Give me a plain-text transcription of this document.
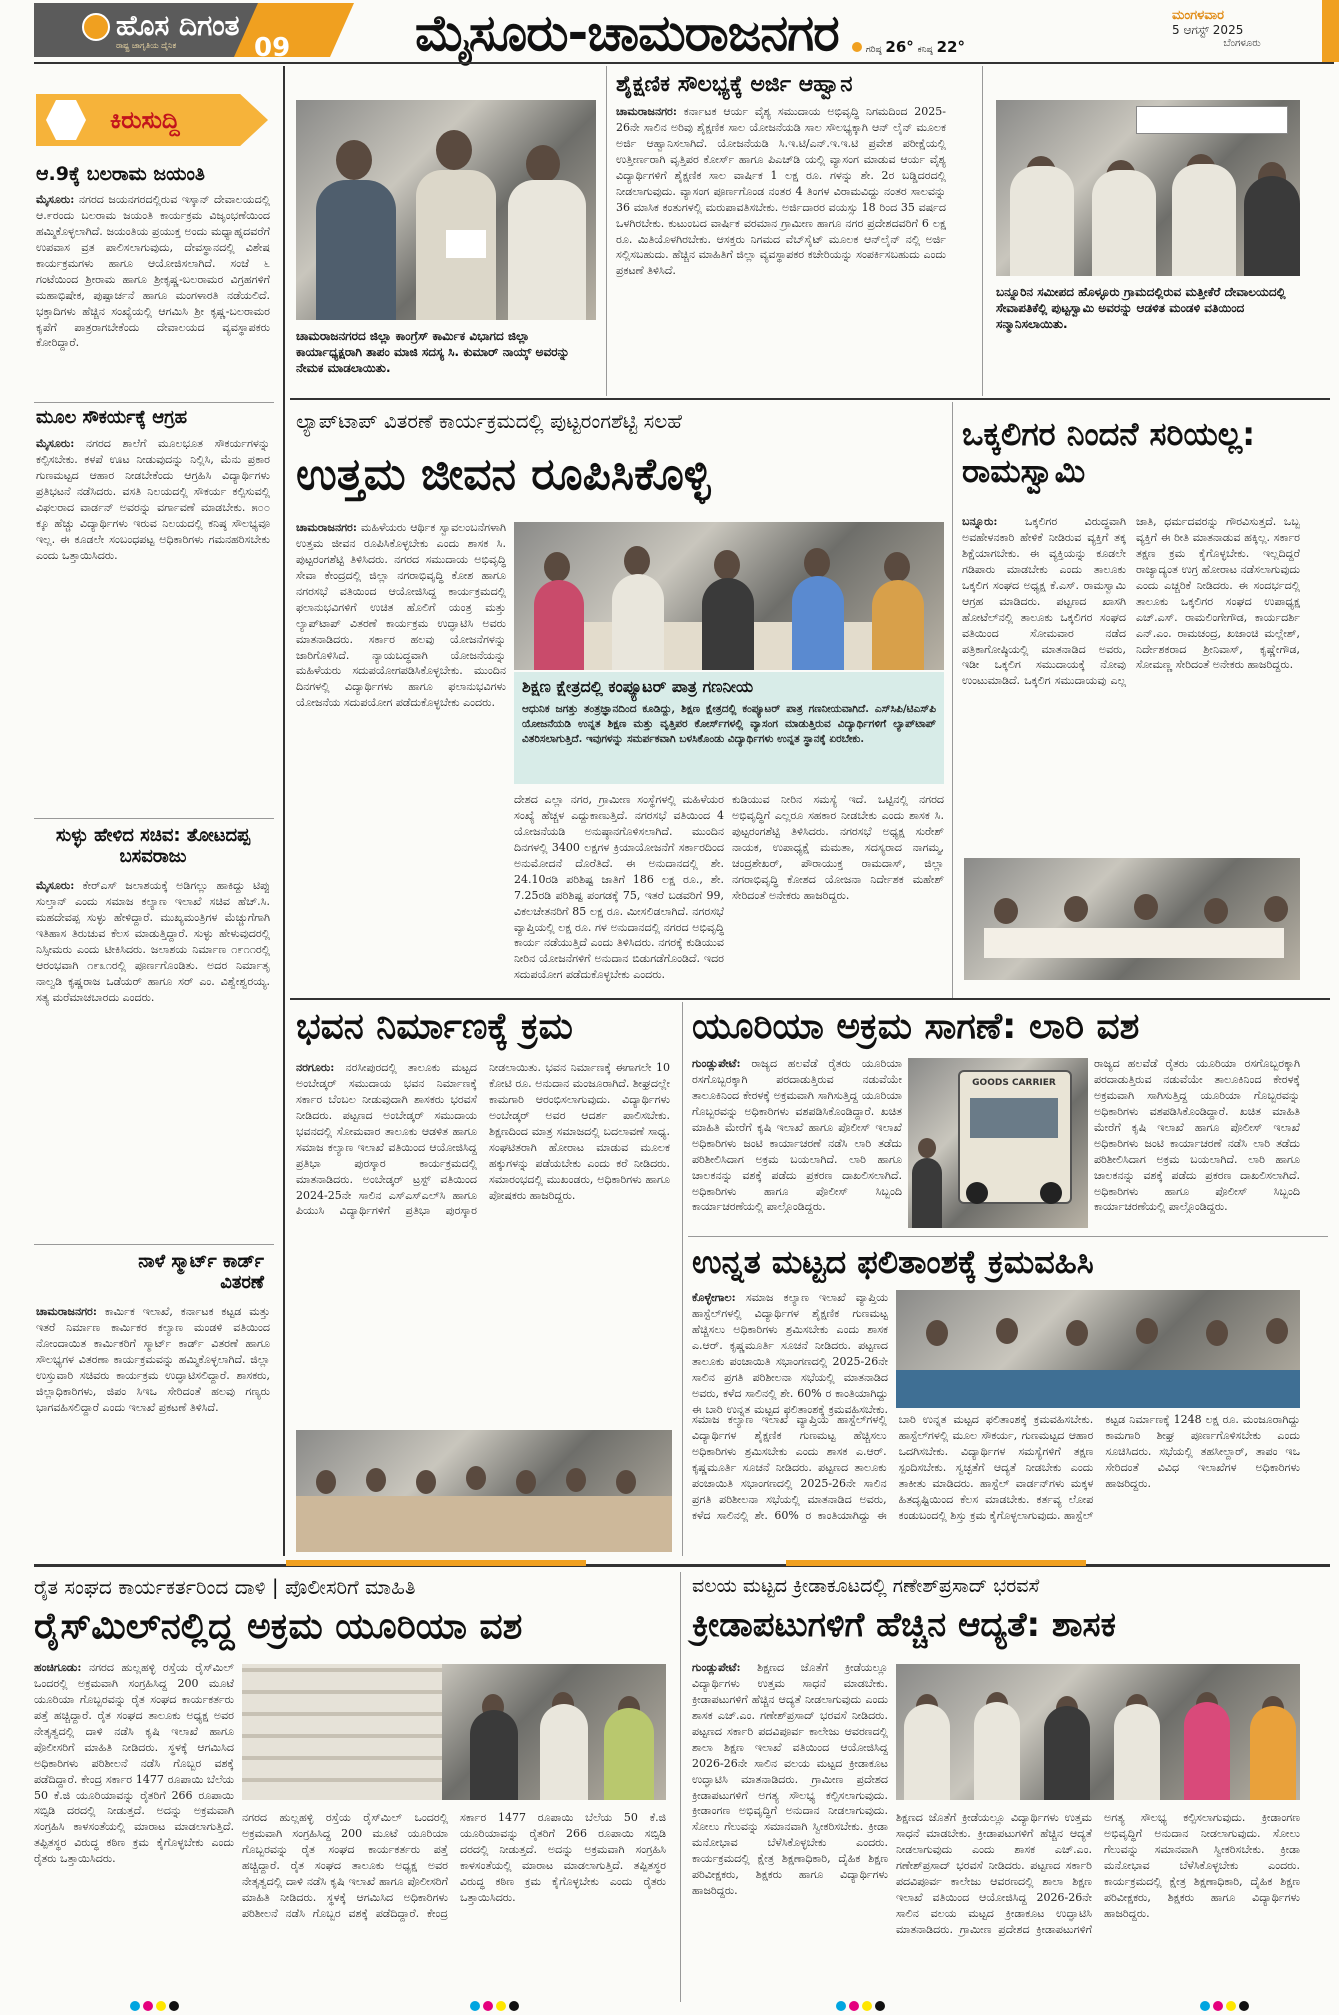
ಹೊಸ ದಿಗಂತ
ರಾಷ್ಟ್ರ ಜಾಗೃತಿಯ ದೈನಿಕ	09 ಮೈಸೂರು-ಚಾಮರಾಜನಗರ	ಗರಿಷ್ಠ 26° ಕನಿಷ್ಠ 22°
ಮಂಗಳವಾರ
5 ಆಗಸ್ಟ್ 2025
ಬೆಂಗಳೂರು
ಕಿರುಸುದ್ದಿ
ಆ.9ಕ್ಕೆ ಬಲರಾಮ ಜಯಂತಿ
ಮೈಸೂರು: ನಗರದ ಜಯನಗರದಲ್ಲಿರುವ ಇಸ್ಕಾನ್ ದೇವಾಲಯದಲ್ಲಿ ಆ.೯ರಂದು ಬಲರಾಮ ಜಯಂತಿ ಕಾರ್ಯಕ್ರಮ ವಿಜೃಂಭಣೆಯಿಂದ ಹಮ್ಮಿಕೊಳ್ಳಲಾಗಿದೆ. ಜಯಂತಿಯ ಪ್ರಯುಕ್ತ ಅಂದು ಮಧ್ಯಾಹ್ನದವರೆಗೆ ಉಪವಾಸ ವ್ರತ ಪಾಲಿಸಲಾಗುವುದು, ದೇವಸ್ಥಾನದಲ್ಲಿ ವಿಶೇಷ ಕಾರ್ಯಕ್ರಮಗಳು ಹಾಗೂ ಆಯೋಜಿಸಲಾಗಿದೆ. ಸಂಜೆ ೬ ಗಂಟೆಯಿಂದ ಶ್ರೀರಾಮ ಹಾಗೂ ಶ್ರೀಕೃಷ್ಣ-ಬಲರಾಮರ ವಿಗ್ರಹಗಳಿಗೆ ಮಹಾಭಿಷೇಕ, ಪುಷ್ಪಾರ್ಚನೆ ಹಾಗೂ ಮಂಗಳಾರತಿ ನಡೆಯಲಿದೆ. ಭಕ್ತಾದಿಗಳು ಹೆಚ್ಚಿನ ಸಂಖ್ಯೆಯಲ್ಲಿ ಆಗಮಿಸಿ ಶ್ರೀ ಕೃಷ್ಣ-ಬಲರಾಮರ ಕೃಪೆಗೆ ಪಾತ್ರರಾಗಬೇಕೆಂದು ದೇವಾಲಯದ ವ್ಯವಸ್ಥಾಪಕರು ಕೋರಿದ್ದಾರೆ.
ಮೂಲ ಸೌಕರ್ಯಕ್ಕೆ ಆಗ್ರಹ
ಮೈಸೂರು: ನಗರದ ಶಾಲೆಗೆ ಮೂಲಭೂತ ಸೌಕರ್ಯಗಳನ್ನು ಕಲ್ಪಿಸಬೇಕು. ಕಳಪೆ ಊಟ ನೀಡುವುದನ್ನು ನಿಲ್ಲಿಸಿ, ಮೆನು ಪ್ರಕಾರ ಗುಣಮಟ್ಟದ ಆಹಾರ ನೀಡಬೇಕೆಂದು ಆಗ್ರಹಿಸಿ ವಿದ್ಯಾರ್ಥಿಗಳು ಪ್ರತಿಭಟನೆ ನಡೆಸಿದರು. ವಸತಿ ನಿಲಯದಲ್ಲಿ ಸೌಕರ್ಯ ಕಲ್ಪಿಸುವಲ್ಲಿ ವಿಫಲರಾದ ವಾರ್ಡನ್ ಅವರನ್ನು ವರ್ಗಾವಣೆ ಮಾಡಬೇಕು. ೫೦೦ ಕ್ಕೂ ಹೆಚ್ಚು ವಿದ್ಯಾರ್ಥಿಗಳು ಇರುವ ನಿಲಯದಲ್ಲಿ ಕನಿಷ್ಠ ಸೌಲಭ್ಯವೂ ಇಲ್ಲ. ಈ ಕೂಡಲೇ ಸಂಬಂಧಪಟ್ಟ ಅಧಿಕಾರಿಗಳು ಗಮನಹರಿಸಬೇಕು ಎಂದು ಒತ್ತಾಯಿಸಿದರು.
ಸುಳ್ಳು ಹೇಳಿದ ಸಚಿವ: ತೋಟದಪ್ಪ ಬಸವರಾಜು
ಮೈಸೂರು: ಕೇರ್‌ಎಸ್ ಜಲಾಶಯಕ್ಕೆ ಅಡಿಗಲ್ಲು ಹಾಕಿದ್ದು ಟಿಪ್ಪು ಸುಲ್ತಾನ್ ಎಂದು ಸಮಾಜ ಕಲ್ಯಾಣ ಇಲಾಖೆ ಸಚಿವ ಹೆಚ್.ಸಿ. ಮಹದೇವಪ್ಪ ಸುಳ್ಳು ಹೇಳಿದ್ದಾರೆ. ಮುಖ್ಯಮಂತ್ರಿಗಳ ಮೆಚ್ಚುಗೆಗಾಗಿ ಇತಿಹಾಸ ತಿರುಚುವ ಕೆಲಸ ಮಾಡುತ್ತಿದ್ದಾರೆ. ಸುಳ್ಳು ಹೇಳುವುದರಲ್ಲಿ ನಿಸ್ಸೀಮರು ಎಂದು ಟೀಕಿಸಿದರು. ಜಲಾಶಯ ನಿರ್ಮಾಣ ೧೯೧೧ರಲ್ಲಿ ಆರಂಭವಾಗಿ ೧೯೩೧ರಲ್ಲಿ ಪೂರ್ಣಗೊಂಡಿತು. ಅದರ ನಿರ್ಮಾತೃ ನಾಲ್ವಡಿ ಕೃಷ್ಣರಾಜ ಒಡೆಯರ್ ಹಾಗೂ ಸರ್ ಎಂ. ವಿಶ್ವೇಶ್ವರಯ್ಯ. ಸತ್ಯ ಮರೆಮಾಚಬಾರದು ಎಂದರು.
ನಾಳೆ ಸ್ಮಾರ್ಟ್ ಕಾರ್ಡ್ ವಿತರಣೆ
ಚಾಮರಾಜನಗರ: ಕಾರ್ಮಿಕ ಇಲಾಖೆ, ಕರ್ನಾಟಕ ಕಟ್ಟಡ ಮತ್ತು ಇತರೆ ನಿರ್ಮಾಣ ಕಾರ್ಮಿಕರ ಕಲ್ಯಾಣ ಮಂಡಳಿ ವತಿಯಿಂದ ನೋಂದಾಯಿತ ಕಾರ್ಮಿಕರಿಗೆ ಸ್ಮಾರ್ಟ್ ಕಾರ್ಡ್ ವಿತರಣೆ ಹಾಗೂ ಸೌಲಭ್ಯಗಳ ವಿತರಣಾ ಕಾರ್ಯಕ್ರಮವನ್ನು ಹಮ್ಮಿಕೊಳ್ಳಲಾಗಿದೆ. ಜಿಲ್ಲಾ ಉಸ್ತುವಾರಿ ಸಚಿವರು ಕಾರ್ಯಕ್ರಮ ಉದ್ಘಾಟಿಸಲಿದ್ದಾರೆ. ಶಾಸಕರು, ಜಿಲ್ಲಾಧಿಕಾರಿಗಳು, ಜಿಪಂ ಸಿಇಒ ಸೇರಿದಂತೆ ಹಲವು ಗಣ್ಯರು ಭಾಗವಹಿಸಲಿದ್ದಾರೆ ಎಂದು ಇಲಾಖೆ ಪ್ರಕಟಣೆ ತಿಳಿಸಿದೆ.
ಚಾಮರಾಜನಗರದ ಜಿಲ್ಲಾ ಕಾಂಗ್ರೆಸ್ ಕಾರ್ಮಿಕ ವಿಭಾಗದ ಜಿಲ್ಲಾ ಕಾರ್ಯಾಧ್ಯಕ್ಷರಾಗಿ ತಾಪಂ ಮಾಜಿ ಸದಸ್ಯ ಸಿ. ಕುಮಾರ್ ನಾಯ್ಕ್ ಅವರನ್ನು ನೇಮಕ ಮಾಡಲಾಯಿತು.
ಶೈಕ್ಷಣಿಕ ಸೌಲಭ್ಯಕ್ಕೆ ಅರ್ಜಿ ಆಹ್ವಾನ
ಚಾಮರಾಜನಗರ: ಕರ್ನಾಟಕ ಆರ್ಯ ವೈಶ್ಯ ಸಮುದಾಯ ಅಭಿವೃದ್ಧಿ ನಿಗಮದಿಂದ 2025-26ನೇ ಸಾಲಿನ ಅರಿವು ಶೈಕ್ಷಣಿಕ ಸಾಲ ಯೋಜನೆಯಡಿ ಸಾಲ ಸೌಲಭ್ಯಕ್ಕಾಗಿ ಆನ್ ಲೈನ್ ಮೂಲಕ ಅರ್ಜಿ ಆಹ್ವಾನಿಸಲಾಗಿದೆ. ಯೋಜನೆಯಡಿ ಸಿ.ಇ.ಟಿ/ಎನ್.ಇ.ಇ.ಟಿ ಪ್ರವೇಶ ಪರೀಕ್ಷೆಯಲ್ಲಿ ಉತ್ತೀರ್ಣರಾಗಿ ವೃತ್ತಿಪರ ಕೋರ್ಸ್ ಹಾಗೂ ಪಿಎಚ್‌ಡಿ ಯಲ್ಲಿ ವ್ಯಾಸಂಗ ಮಾಡುವ ಆರ್ಯ ವೈಶ್ಯ ವಿದ್ಯಾರ್ಥಿಗಳಿಗೆ ಶೈಕ್ಷಣಿಕ ಸಾಲ ವಾರ್ಷಿಕ 1 ಲಕ್ಷ ರೂ. ಗಳನ್ನು ಶೇ. 2ರ ಬಡ್ಡಿದರದಲ್ಲಿ ನೀಡಲಾಗುವುದು. ವ್ಯಾಸಂಗ ಪೂರ್ಣಗೊಂಡ ನಂತರ 4 ತಿಂಗಳ ವಿರಾಮವಿದ್ದು ನಂತರ ಸಾಲವನ್ನು 36 ಮಾಸಿಕ ಕಂತುಗಳಲ್ಲಿ ಮರುಪಾವತಿಸಬೇಕು. ಅರ್ಜಿದಾರರ ವಯಸ್ಸು 18 ರಿಂದ 35 ವರ್ಷದ ಒಳಗಿರಬೇಕು. ಕುಟುಂಬದ ವಾರ್ಷಿಕ ವರಮಾನ ಗ್ರಾಮೀಣ ಹಾಗೂ ನಗರ ಪ್ರದೇಶದವರಿಗೆ 6 ಲಕ್ಷ ರೂ. ಮಿತಿಯೊಳಗಿರಬೇಕು. ಆಸಕ್ತರು ನಿಗಮದ ವೆಬ್‌ಸೈಟ್ ಮೂಲಕ ಆನ್‌ಲೈನ್ ನಲ್ಲಿ ಅರ್ಜಿ ಸಲ್ಲಿಸಬಹುದು. ಹೆಚ್ಚಿನ ಮಾಹಿತಿಗೆ ಜಿಲ್ಲಾ ವ್ಯವಸ್ಥಾಪಕರ ಕಚೇರಿಯನ್ನು ಸಂಪರ್ಕಿಸಬಹುದು ಎಂದು ಪ್ರಕಟಣೆ ತಿಳಿಸಿದೆ.
ಬನ್ನೂರಿನ ಸಮೀಪದ ಹೊಳ್ಳೂರು ಗ್ರಾಮದಲ್ಲಿರುವ ಮತ್ತೀಕೆರೆ ದೇವಾಲಯದಲ್ಲಿ ಸೇವಾಪತಿಕೆಲ್ಲಿ ಪುಟ್ಟಸ್ವಾಮಿ ಅವರನ್ನು ಆಡಳಿತ ಮಂಡಳಿ ವತಿಯಿಂದ ಸನ್ಮಾನಿಸಲಾಯಿತು.
ಲ್ಯಾಪ್‌ಟಾಪ್ ವಿತರಣೆ ಕಾರ್ಯಕ್ರಮದಲ್ಲಿ ಪುಟ್ಟರಂಗಶೆಟ್ಟಿ ಸಲಹೆ
ಉತ್ತಮ ಜೀವನ ರೂಪಿಸಿಕೊಳ್ಳಿ
ಚಾಮರಾಜನಗರ: ಮಹಿಳೆಯರು ಆರ್ಥಿಕ ಸ್ವಾವಲಂಬನೆಗಳಾಗಿ ಉತ್ತಮ ಜೀವನ ರೂಪಿಸಿಕೊಳ್ಳಬೇಕು ಎಂದು ಶಾಸಕ ಸಿ. ಪುಟ್ಟರಂಗಶೆಟ್ಟಿ ತಿಳಿಸಿದರು. ನಗರದ ಸಮುದಾಯ ಅಭಿವೃದ್ಧಿ ಸೇವಾ ಕೇಂದ್ರದಲ್ಲಿ ಜಿಲ್ಲಾ ನಗರಾಭಿವೃದ್ಧಿ ಕೋಶ ಹಾಗೂ ನಗರಸಭೆ ವತಿಯಿಂದ ಆಯೋಜಿಸಿದ್ದ ಕಾರ್ಯಕ್ರಮದಲ್ಲಿ ಫಲಾನುಭವಿಗಳಿಗೆ ಉಚಿತ ಹೊಲಿಗೆ ಯಂತ್ರ ಮತ್ತು ಲ್ಯಾಪ್‌ಟಾಪ್ ವಿತರಣೆ ಕಾರ್ಯಕ್ರಮ ಉದ್ಘಾಟಿಸಿ ಅವರು ಮಾತನಾಡಿದರು. ಸರ್ಕಾರ ಹಲವು ಯೋಜನೆಗಳನ್ನು ಜಾರಿಗೊಳಿಸಿದೆ. ನ್ಯಾಯಬದ್ಧವಾಗಿ ಯೋಜನೆಯನ್ನು ಮಹಿಳೆಯರು ಸದುಪಯೋಗಪಡಿಸಿಕೊಳ್ಳಬೇಕು. ಮುಂದಿನ ದಿನಗಳಲ್ಲಿ ವಿದ್ಯಾರ್ಥಿಗಳು ಹಾಗೂ ಫಲಾನುಭವಿಗಳು ಯೋಜನೆಯ ಸದುಪಯೋಗ ಪಡೆದುಕೊಳ್ಳಬೇಕು ಎಂದರು.
ಶಿಕ್ಷಣ ಕ್ಷೇತ್ರದಲ್ಲಿ ಕಂಪ್ಯೂಟರ್ ಪಾತ್ರ ಗಣನೀಯ
ಆಧುನಿಕ ಜಗತ್ತು ತಂತ್ರಜ್ಞಾನದಿಂದ ಕೂಡಿದ್ದು, ಶಿಕ್ಷಣ ಕ್ಷೇತ್ರದಲ್ಲಿ ಕಂಪ್ಯೂಟರ್ ಪಾತ್ರ ಗಣನೀಯವಾಗಿದೆ. ಎಸ್‌ಸಿಪಿ/ಟಿಎಸ್‌ಪಿ ಯೋಜನೆಯಡಿ ಉನ್ನತ ಶಿಕ್ಷಣ ಮತ್ತು ವೃತ್ತಿಪರ ಕೋರ್ಸ್‌ಗಳಲ್ಲಿ ವ್ಯಾಸಂಗ ಮಾಡುತ್ತಿರುವ ವಿದ್ಯಾರ್ಥಿಗಳಿಗೆ ಲ್ಯಾಪ್‌ಟಾಪ್ ವಿತರಿಸಲಾಗುತ್ತಿದೆ. ಇವುಗಳನ್ನು ಸಮರ್ಪಕವಾಗಿ ಬಳಸಿಕೊಂಡು ವಿದ್ಯಾರ್ಥಿಗಳು ಉನ್ನತ ಸ್ಥಾನಕ್ಕೆ ಏರಬೇಕು.
ದೇಶದ ಎಲ್ಲಾ ನಗರ, ಗ್ರಾಮೀಣ ಸಂಸ್ಥೆಗಳಲ್ಲಿ ಮಹಿಳೆಯರ ಸಂಖ್ಯೆ ಹೆಚ್ಚಳ ಎದ್ದುಕಾಣುತ್ತಿದೆ. ನಗರಸಭೆ ವತಿಯಿಂದ 4 ಯೋಜನೆಯಡಿ ಅನುಷ್ಠಾನಗೊಳಿಸಲಾಗಿದೆ. ಮುಂದಿನ ದಿನಗಳಲ್ಲಿ 3400 ಲಕ್ಷಗಳ ಕ್ರಿಯಾಯೋಜನೆಗೆ ಸರ್ಕಾರದಿಂದ ಅನುಮೋದನೆ ದೊರೆತಿದೆ. ಈ ಅನುದಾನದಲ್ಲಿ ಶೇ. 24.10ರಡಿ ಪರಿಶಿಷ್ಟ ಜಾತಿಗೆ 186 ಲಕ್ಷ ರೂ., ಶೇ. 7.25ರಡಿ ಪರಿಶಿಷ್ಟ ಪಂಗಡಕ್ಕೆ 75, ಇತರೆ ಬಡವರಿಗೆ 99, ವಿಕಲಚೇತನರಿಗೆ 85 ಲಕ್ಷ ರೂ. ಮೀಸಲಿಡಲಾಗಿದೆ. ನಗರಸಭೆ ವ್ಯಾಪ್ತಿಯಲ್ಲಿ ಲಕ್ಷ ರೂ. ಗಳ ಅನುದಾನದಲ್ಲಿ ನಗರದ ಅಭಿವೃದ್ಧಿ ಕಾರ್ಯ ನಡೆಯುತ್ತಿದೆ ಎಂದು ತಿಳಿಸಿದರು. ನಗರಕ್ಕೆ ಕುಡಿಯುವ ನೀರಿನ ಯೋಜನೆಗಳಿಗೆ ಅನುದಾನ ಬಿಡುಗಡೆಗೊಂಡಿದೆ. ಇದರ ಸದುಪಯೋಗ ಪಡೆದುಕೊಳ್ಳಬೇಕು ಎಂದರು.
ಕುಡಿಯುವ ನೀರಿನ ಸಮಸ್ಯೆ ಇದೆ. ಒಟ್ಟಿನಲ್ಲಿ ನಗರದ ಅಭಿವೃದ್ಧಿಗೆ ಎಲ್ಲರೂ ಸಹಕಾರ ನೀಡಬೇಕು ಎಂದು ಶಾಸಕ ಸಿ. ಪುಟ್ಟರಂಗಶೆಟ್ಟಿ ತಿಳಿಸಿದರು. ನಗರಸಭೆ ಅಧ್ಯಕ್ಷ ಸುರೇಶ್ ನಾಯಕ, ಉಪಾಧ್ಯಕ್ಷೆ ಮಮತಾ, ಸದಸ್ಯರಾದ ನಾಗಮ್ಮ, ಚಂದ್ರಶೇಖರ್, ಪೌರಾಯುಕ್ತ ರಾಮದಾಸ್, ಜಿಲ್ಲಾ ನಗರಾಭಿವೃದ್ಧಿ ಕೋಶದ ಯೋಜನಾ ನಿರ್ದೇಶಕ ಮಹೇಶ್ ಸೇರಿದಂತೆ ಅನೇಕರು ಹಾಜರಿದ್ದರು.
ಒಕ್ಕಲಿಗರ ನಿಂದನೆ ಸರಿಯಲ್ಲ: ರಾಮಸ್ವಾಮಿ
ಬನ್ನೂರು:	ಒಕ್ಕಲಿಗರ ವಿರುದ್ಧವಾಗಿ ಅವಹೇಳನಕಾರಿ ಹೇಳಿಕೆ ನೀಡಿರುವ ವ್ಯಕ್ತಿಗೆ ತಕ್ಕ ಶಿಕ್ಷೆಯಾಗಬೇಕು. ಈ ವ್ಯಕ್ತಿಯನ್ನು ಕೂಡಲೇ ಗಡಿಪಾರು ಮಾಡಬೇಕು ಎಂದು ತಾಲೂಕು ಒಕ್ಕಲಿಗ ಸಂಘದ ಅಧ್ಯಕ್ಷ ಕೆ.ಎಸ್. ರಾಮಸ್ವಾಮಿ ಆಗ್ರಹ ಮಾಡಿದರು. ಪಟ್ಟಣದ ಖಾಸಗಿ ಹೋಟೆಲ್‌ನಲ್ಲಿ ತಾಲೂಕು ಒಕ್ಕಲಿಗರ ಸಂಘದ ವತಿಯಿಂದ ಸೋಮವಾರ ನಡೆದ ಪತ್ರಿಕಾಗೋಷ್ಠಿಯಲ್ಲಿ ಮಾತನಾಡಿದ ಅವರು, ಇಡೀ ಒಕ್ಕಲಿಗ ಸಮುದಾಯಕ್ಕೆ ನೋವು ಉಂಟುಮಾಡಿದೆ. ಒಕ್ಕಲಿಗ ಸಮುದಾಯವು ಎಲ್ಲ ಜಾತಿ, ಧರ್ಮದವರನ್ನು ಗೌರವಿಸುತ್ತದೆ. ಒಬ್ಬ ವ್ಯಕ್ತಿಗೆ ಈ ರೀತಿ ಮಾತನಾಡುವ ಹಕ್ಕಿಲ್ಲ. ಸರ್ಕಾರ ತಕ್ಷಣ ಕ್ರಮ ಕೈಗೊಳ್ಳಬೇಕು. ಇಲ್ಲದಿದ್ದರೆ ರಾಜ್ಯಾದ್ಯಂತ ಉಗ್ರ ಹೋರಾಟ ನಡೆಸಲಾಗುವುದು ಎಂದು ಎಚ್ಚರಿಕೆ ನೀಡಿದರು. ಈ ಸಂದರ್ಭದಲ್ಲಿ ತಾಲೂಕು ಒಕ್ಕಲಿಗರ ಸಂಘದ ಉಪಾಧ್ಯಕ್ಷ ಎಚ್.ಎಸ್. ರಾಮಲಿಂಗೇಗೌಡ, ಕಾರ್ಯದರ್ಶಿ ಎನ್.ಎಂ. ರಾಮಚಂದ್ರ, ಖಜಾಂಚಿ ಮಲ್ಲೇಶ್, ನಿರ್ದೇಶಕರಾದ ಶ್ರೀನಿವಾಸ್, ಕೃಷ್ಣೇಗೌಡ, ಸೋಮಣ್ಣ ಸೇರಿದಂತೆ ಅನೇಕರು ಹಾಜರಿದ್ದರು.
ಭವನ ನಿರ್ಮಾಣಕ್ಕೆ ಕ್ರಮ
ನರಗೂರು: ನರಸೀಪುರದಲ್ಲಿ ತಾಲೂಕು ಮಟ್ಟದ ಅಂಬೇಡ್ಕರ್ ಸಮುದಾಯ ಭವನ ನಿರ್ಮಾಣಕ್ಕೆ ಸರ್ಕಾರ ಬೆಂಬಲ ನೀಡುವುದಾಗಿ ಶಾಸಕರು ಭರವಸೆ ನೀಡಿದರು. ಪಟ್ಟಣದ ಅಂಬೇಡ್ಕರ್ ಸಮುದಾಯ ಭವನದಲ್ಲಿ ಸೋಮವಾರ ತಾಲೂಕು ಆಡಳಿತ ಹಾಗೂ ಸಮಾಜ ಕಲ್ಯಾಣ ಇಲಾಖೆ ವತಿಯಿಂದ ಆಯೋಜಿಸಿದ್ದ ಪ್ರತಿಭಾ ಪುರಸ್ಕಾರ ಕಾರ್ಯಕ್ರಮದಲ್ಲಿ ಮಾತನಾಡಿದರು. ಅಂಬೇಡ್ಕರ್ ಟ್ರಸ್ಟ್ ವತಿಯಿಂದ 2024-25ನೇ ಸಾಲಿನ ಎಸ್‌ಎಸ್‌ಎಲ್‌ಸಿ ಹಾಗೂ ಪಿಯುಸಿ ವಿದ್ಯಾರ್ಥಿಗಳಿಗೆ ಪ್ರತಿಭಾ ಪುರಸ್ಕಾರ ನೀಡಲಾಯಿತು. ಭವನ ನಿರ್ಮಾಣಕ್ಕೆ ಈಗಾಗಲೇ 10 ಕೋಟಿ ರೂ. ಅನುದಾನ ಮಂಜೂರಾಗಿದೆ. ಶೀಘ್ರದಲ್ಲೇ ಕಾಮಗಾರಿ ಆರಂಭಿಸಲಾಗುವುದು. ವಿದ್ಯಾರ್ಥಿಗಳು ಅಂಬೇಡ್ಕರ್ ಅವರ ಆದರ್ಶ ಪಾಲಿಸಬೇಕು. ಶಿಕ್ಷಣದಿಂದ ಮಾತ್ರ ಸಮಾಜದಲ್ಲಿ ಬದಲಾವಣೆ ಸಾಧ್ಯ. ಸಂಘಟಿತರಾಗಿ ಹೋರಾಟ ಮಾಡುವ ಮೂಲಕ ಹಕ್ಕುಗಳನ್ನು ಪಡೆಯಬೇಕು ಎಂದು ಕರೆ ನೀಡಿದರು. ಸಮಾರಂಭದಲ್ಲಿ ಮುಖಂಡರು, ಅಧಿಕಾರಿಗಳು ಹಾಗೂ ಪೋಷಕರು ಹಾಜರಿದ್ದರು.
ಯೂರಿಯಾ ಅಕ್ರಮ ಸಾಗಣೆ: ಲಾರಿ ವಶ
ಗುಂಡ್ಲುಪೇಟೆ: ರಾಜ್ಯದ ಹಲವೆಡೆ ರೈತರು ಯೂರಿಯಾ ರಸಗೊಬ್ಬರಕ್ಕಾಗಿ ಪರದಾಡುತ್ತಿರುವ ನಡುವೆಯೇ ತಾಲೂಕಿನಿಂದ ಕೇರಳಕ್ಕೆ ಅಕ್ರಮವಾಗಿ ಸಾಗಿಸುತ್ತಿದ್ದ ಯೂರಿಯಾ ಗೊಬ್ಬರವನ್ನು ಅಧಿಕಾರಿಗಳು ವಶಪಡಿಸಿಕೊಂಡಿದ್ದಾರೆ. ಖಚಿತ ಮಾಹಿತಿ ಮೇರೆಗೆ ಕೃಷಿ ಇಲಾಖೆ ಹಾಗೂ ಪೊಲೀಸ್ ಇಲಾಖೆ ಅಧಿಕಾರಿಗಳು ಜಂಟಿ ಕಾರ್ಯಾಚರಣೆ ನಡೆಸಿ ಲಾರಿ ತಡೆದು ಪರಿಶೀಲಿಸಿದಾಗ ಅಕ್ರಮ ಬಯಲಾಗಿದೆ. ಲಾರಿ ಹಾಗೂ ಚಾಲಕನನ್ನು ವಶಕ್ಕೆ ಪಡೆದು ಪ್ರಕರಣ ದಾಖಲಿಸಲಾಗಿದೆ. ಅಧಿಕಾರಿಗಳು ಹಾಗೂ ಪೊಲೀಸ್ ಸಿಬ್ಬಂದಿ ಕಾರ್ಯಾಚರಣೆಯಲ್ಲಿ ಪಾಲ್ಗೊಂಡಿದ್ದರು.
GOODS CARRIER
ರಾಜ್ಯದ ಹಲವೆಡೆ ರೈತರು ಯೂರಿಯಾ ರಸಗೊಬ್ಬರಕ್ಕಾಗಿ ಪರದಾಡುತ್ತಿರುವ ನಡುವೆಯೇ ತಾಲೂಕಿನಿಂದ ಕೇರಳಕ್ಕೆ ಅಕ್ರಮವಾಗಿ ಸಾಗಿಸುತ್ತಿದ್ದ ಯೂರಿಯಾ ಗೊಬ್ಬರವನ್ನು ಅಧಿಕಾರಿಗಳು ವಶಪಡಿಸಿಕೊಂಡಿದ್ದಾರೆ. ಖಚಿತ ಮಾಹಿತಿ ಮೇರೆಗೆ ಕೃಷಿ ಇಲಾಖೆ ಹಾಗೂ ಪೊಲೀಸ್ ಇಲಾಖೆ ಅಧಿಕಾರಿಗಳು ಜಂಟಿ ಕಾರ್ಯಾಚರಣೆ ನಡೆಸಿ ಲಾರಿ ತಡೆದು ಪರಿಶೀಲಿಸಿದಾಗ ಅಕ್ರಮ ಬಯಲಾಗಿದೆ. ಲಾರಿ ಹಾಗೂ ಚಾಲಕನನ್ನು ವಶಕ್ಕೆ ಪಡೆದು ಪ್ರಕರಣ ದಾಖಲಿಸಲಾಗಿದೆ. ಅಧಿಕಾರಿಗಳು ಹಾಗೂ ಪೊಲೀಸ್ ಸಿಬ್ಬಂದಿ ಕಾರ್ಯಾಚರಣೆಯಲ್ಲಿ ಪಾಲ್ಗೊಂಡಿದ್ದರು.
ಉನ್ನತ ಮಟ್ಟದ ಫಲಿತಾಂಶಕ್ಕೆ ಕ್ರಮವಹಿಸಿ
ಕೊಳ್ಳೇಗಾಲ: ಸಮಾಜ ಕಲ್ಯಾಣ ಇಲಾಖೆ ವ್ಯಾಪ್ತಿಯ ಹಾಸ್ಟೆಲ್‌ಗಳಲ್ಲಿ ವಿದ್ಯಾರ್ಥಿಗಳ ಶೈಕ್ಷಣಿಕ ಗುಣಮಟ್ಟ ಹೆಚ್ಚಿಸಲು ಅಧಿಕಾರಿಗಳು ಶ್ರಮಿಸಬೇಕು ಎಂದು ಶಾಸಕ ಎ.ಆರ್. ಕೃಷ್ಣಮೂರ್ತಿ ಸೂಚನೆ ನೀಡಿದರು. ಪಟ್ಟಣದ ತಾಲೂಕು ಪಂಚಾಯಿತಿ ಸಭಾಂಗಣದಲ್ಲಿ 2025-26ನೇ ಸಾಲಿನ ಪ್ರಗತಿ ಪರಿಶೀಲನಾ ಸಭೆಯಲ್ಲಿ ಮಾತನಾಡಿದ ಅವರು, ಕಳೆದ ಸಾಲಿನಲ್ಲಿ ಶೇ. 60% ರ ಕಾಂತಿಯಾಗಿದ್ದು ಈ ಬಾರಿ ಉನ್ನತ ಮಟ್ಟದ ಫಲಿತಾಂಶಕ್ಕೆ ಕ್ರಮವಹಿಸಬೇಕು.
ಸಮಾಜ ಕಲ್ಯಾಣ ಇಲಾಖೆ ವ್ಯಾಪ್ತಿಯ ಹಾಸ್ಟೆಲ್‌ಗಳಲ್ಲಿ ವಿದ್ಯಾರ್ಥಿಗಳ ಶೈಕ್ಷಣಿಕ ಗುಣಮಟ್ಟ ಹೆಚ್ಚಿಸಲು ಅಧಿಕಾರಿಗಳು ಶ್ರಮಿಸಬೇಕು ಎಂದು ಶಾಸಕ ಎ.ಆರ್. ಕೃಷ್ಣಮೂರ್ತಿ ಸೂಚನೆ ನೀಡಿದರು. ಪಟ್ಟಣದ ತಾಲೂಕು ಪಂಚಾಯಿತಿ ಸಭಾಂಗಣದಲ್ಲಿ 2025-26ನೇ ಸಾಲಿನ ಪ್ರಗತಿ ಪರಿಶೀಲನಾ ಸಭೆಯಲ್ಲಿ ಮಾತನಾಡಿದ ಅವರು, ಕಳೆದ ಸಾಲಿನಲ್ಲಿ ಶೇ. 60% ರ ಕಾಂತಿಯಾಗಿದ್ದು ಈ ಬಾರಿ ಉನ್ನತ ಮಟ್ಟದ ಫಲಿತಾಂಶಕ್ಕೆ ಕ್ರಮವಹಿಸಬೇಕು. ಹಾಸ್ಟೆಲ್‌ಗಳಲ್ಲಿ ಮೂಲ ಸೌಕರ್ಯ, ಗುಣಮಟ್ಟದ ಆಹಾರ ಒದಗಿಸಬೇಕು. ವಿದ್ಯಾರ್ಥಿಗಳ ಸಮಸ್ಯೆಗಳಿಗೆ ತಕ್ಷಣ ಸ್ಪಂದಿಸಬೇಕು. ಸ್ವಚ್ಛತೆಗೆ ಆದ್ಯತೆ ನೀಡಬೇಕು ಎಂದು ತಾಕೀತು ಮಾಡಿದರು. ಹಾಸ್ಟೆಲ್ ವಾರ್ಡನ್‌ಗಳು ಮಕ್ಕಳ ಹಿತದೃಷ್ಟಿಯಿಂದ ಕೆಲಸ ಮಾಡಬೇಕು. ಕರ್ತವ್ಯ ಲೋಪ ಕಂಡುಬಂದಲ್ಲಿ ಶಿಸ್ತು ಕ್ರಮ ಕೈಗೊಳ್ಳಲಾಗುವುದು. ಹಾಸ್ಟೆಲ್ ಕಟ್ಟಡ ನಿರ್ಮಾಣಕ್ಕೆ 1248 ಲಕ್ಷ ರೂ. ಮಂಜೂರಾಗಿದ್ದು ಕಾಮಗಾರಿ ಶೀಘ್ರ ಪೂರ್ಣಗೊಳಿಸಬೇಕು ಎಂದು ಸೂಚಿಸಿದರು. ಸಭೆಯಲ್ಲಿ ತಹಸೀಲ್ದಾರ್, ತಾಪಂ ಇಒ ಸೇರಿದಂತೆ ವಿವಿಧ ಇಲಾಖೆಗಳ ಅಧಿಕಾರಿಗಳು ಹಾಜರಿದ್ದರು.
ರೈತ ಸಂಘದ ಕಾರ್ಯಕರ್ತರಿಂದ ದಾಳಿ | ಪೊಲೀಸರಿಗೆ ಮಾಹಿತಿ
ರೈಸ್‌ಮಿಲ್‌ನಲ್ಲಿದ್ದ ಅಕ್ರಮ ಯೂರಿಯಾ ವಶ
ಹಂಚಿಗೂಡು: ನಗರದ ಹುಲ್ಲಹಳ್ಳಿ ರಸ್ತೆಯ ರೈಸ್‌ಮಿಲ್ ಒಂದರಲ್ಲಿ ಅಕ್ರಮವಾಗಿ ಸಂಗ್ರಹಿಸಿದ್ದ 200 ಮೂಟೆ ಯೂರಿಯಾ ಗೊಬ್ಬರವನ್ನು ರೈತ ಸಂಘದ ಕಾರ್ಯಕರ್ತರು ಪತ್ತೆ ಹಚ್ಚಿದ್ದಾರೆ. ರೈತ ಸಂಘದ ತಾಲೂಕು ಅಧ್ಯಕ್ಷ ಅವರ ನೇತೃತ್ವದಲ್ಲಿ ದಾಳಿ ನಡೆಸಿ ಕೃಷಿ ಇಲಾಖೆ ಹಾಗೂ ಪೊಲೀಸರಿಗೆ ಮಾಹಿತಿ ನೀಡಿದರು. ಸ್ಥಳಕ್ಕೆ ಆಗಮಿಸಿದ ಅಧಿಕಾರಿಗಳು ಪರಿಶೀಲನೆ ನಡೆಸಿ ಗೊಬ್ಬರ ವಶಕ್ಕೆ ಪಡೆದಿದ್ದಾರೆ. ಕೇಂದ್ರ ಸರ್ಕಾರ 1477 ರೂಪಾಯಿ ಬೆಲೆಯ 50 ಕೆ.ಜಿ ಯೂರಿಯಾವನ್ನು ರೈತರಿಗೆ 266 ರೂಪಾಯಿ ಸಬ್ಸಿಡಿ ದರದಲ್ಲಿ ನೀಡುತ್ತದೆ. ಅದನ್ನು ಅಕ್ರಮವಾಗಿ ಸಂಗ್ರಹಿಸಿ ಕಾಳಸಂತೆಯಲ್ಲಿ ಮಾರಾಟ ಮಾಡಲಾಗುತ್ತಿದೆ. ತಪ್ಪಿತಸ್ಥರ ವಿರುದ್ಧ ಕಠಿಣ ಕ್ರಮ ಕೈಗೊಳ್ಳಬೇಕು ಎಂದು ರೈತರು ಒತ್ತಾಯಿಸಿದರು.
ನಗರದ ಹುಲ್ಲಹಳ್ಳಿ ರಸ್ತೆಯ ರೈಸ್‌ಮಿಲ್ ಒಂದರಲ್ಲಿ ಅಕ್ರಮವಾಗಿ ಸಂಗ್ರಹಿಸಿದ್ದ 200 ಮೂಟೆ ಯೂರಿಯಾ ಗೊಬ್ಬರವನ್ನು ರೈತ ಸಂಘದ ಕಾರ್ಯಕರ್ತರು ಪತ್ತೆ ಹಚ್ಚಿದ್ದಾರೆ. ರೈತ ಸಂಘದ ತಾಲೂಕು ಅಧ್ಯಕ್ಷ ಅವರ ನೇತೃತ್ವದಲ್ಲಿ ದಾಳಿ ನಡೆಸಿ ಕೃಷಿ ಇಲಾಖೆ ಹಾಗೂ ಪೊಲೀಸರಿಗೆ ಮಾಹಿತಿ ನೀಡಿದರು. ಸ್ಥಳಕ್ಕೆ ಆಗಮಿಸಿದ ಅಧಿಕಾರಿಗಳು ಪರಿಶೀಲನೆ ನಡೆಸಿ ಗೊಬ್ಬರ ವಶಕ್ಕೆ ಪಡೆದಿದ್ದಾರೆ. ಕೇಂದ್ರ ಸರ್ಕಾರ 1477 ರೂಪಾಯಿ ಬೆಲೆಯ 50 ಕೆ.ಜಿ ಯೂರಿಯಾವನ್ನು ರೈತರಿಗೆ 266 ರೂಪಾಯಿ ಸಬ್ಸಿಡಿ ದರದಲ್ಲಿ ನೀಡುತ್ತದೆ. ಅದನ್ನು ಅಕ್ರಮವಾಗಿ ಸಂಗ್ರಹಿಸಿ ಕಾಳಸಂತೆಯಲ್ಲಿ ಮಾರಾಟ ಮಾಡಲಾಗುತ್ತಿದೆ. ತಪ್ಪಿತಸ್ಥರ ವಿರುದ್ಧ ಕಠಿಣ ಕ್ರಮ ಕೈಗೊಳ್ಳಬೇಕು ಎಂದು ರೈತರು ಒತ್ತಾಯಿಸಿದರು.
ವಲಯ ಮಟ್ಟದ ಕ್ರೀಡಾಕೂಟದಲ್ಲಿ ಗಣೇಶ್‌ಪ್ರಸಾದ್ ಭರವಸೆ
ಕ್ರೀಡಾಪಟುಗಳಿಗೆ ಹೆಚ್ಚಿನ ಆದ್ಯತೆ: ಶಾಸಕ
ಗುಂಡ್ಲುಪೇಟೆ: ಶಿಕ್ಷಣದ ಜೊತೆಗೆ ಕ್ರೀಡೆಯಲ್ಲೂ ವಿದ್ಯಾರ್ಥಿಗಳು ಉತ್ತಮ ಸಾಧನೆ ಮಾಡಬೇಕು. ಕ್ರೀಡಾಪಟುಗಳಿಗೆ ಹೆಚ್ಚಿನ ಆದ್ಯತೆ ನೀಡಲಾಗುವುದು ಎಂದು ಶಾಸಕ ಎಚ್.ಎಂ. ಗಣೇಶ್‌ಪ್ರಸಾದ್ ಭರವಸೆ ನೀಡಿದರು. ಪಟ್ಟಣದ ಸರ್ಕಾರಿ ಪದವಿಪೂರ್ವ ಕಾಲೇಜು ಆವರಣದಲ್ಲಿ ಶಾಲಾ ಶಿಕ್ಷಣ ಇಲಾಖೆ ವತಿಯಿಂದ ಆಯೋಜಿಸಿದ್ದ 2026-26ನೇ ಸಾಲಿನ ವಲಯ ಮಟ್ಟದ ಕ್ರೀಡಾಕೂಟ ಉದ್ಘಾಟಿಸಿ ಮಾತನಾಡಿದರು. ಗ್ರಾಮೀಣ ಪ್ರದೇಶದ ಕ್ರೀಡಾಪಟುಗಳಿಗೆ ಅಗತ್ಯ ಸೌಲಭ್ಯ ಕಲ್ಪಿಸಲಾಗುವುದು. ಕ್ರೀಡಾಂಗಣ ಅಭಿವೃದ್ಧಿಗೆ ಅನುದಾನ ನೀಡಲಾಗುವುದು. ಸೋಲು ಗೆಲುವನ್ನು ಸಮಾನವಾಗಿ ಸ್ವೀಕರಿಸಬೇಕು. ಕ್ರೀಡಾ ಮನೋಭಾವ ಬೆಳೆಸಿಕೊಳ್ಳಬೇಕು ಎಂದರು. ಕಾರ್ಯಕ್ರಮದಲ್ಲಿ ಕ್ಷೇತ್ರ ಶಿಕ್ಷಣಾಧಿಕಾರಿ, ದೈಹಿಕ ಶಿಕ್ಷಣ ಪರಿವೀಕ್ಷಕರು, ಶಿಕ್ಷಕರು ಹಾಗೂ ವಿದ್ಯಾರ್ಥಿಗಳು ಹಾಜರಿದ್ದರು.
ಶಿಕ್ಷಣದ ಜೊತೆಗೆ ಕ್ರೀಡೆಯಲ್ಲೂ ವಿದ್ಯಾರ್ಥಿಗಳು ಉತ್ತಮ ಸಾಧನೆ ಮಾಡಬೇಕು. ಕ್ರೀಡಾಪಟುಗಳಿಗೆ ಹೆಚ್ಚಿನ ಆದ್ಯತೆ ನೀಡಲಾಗುವುದು ಎಂದು ಶಾಸಕ ಎಚ್.ಎಂ. ಗಣೇಶ್‌ಪ್ರಸಾದ್ ಭರವಸೆ ನೀಡಿದರು. ಪಟ್ಟಣದ ಸರ್ಕಾರಿ ಪದವಿಪೂರ್ವ ಕಾಲೇಜು ಆವರಣದಲ್ಲಿ ಶಾಲಾ ಶಿಕ್ಷಣ ಇಲಾಖೆ ವತಿಯಿಂದ ಆಯೋಜಿಸಿದ್ದ 2026-26ನೇ ಸಾಲಿನ ವಲಯ ಮಟ್ಟದ ಕ್ರೀಡಾಕೂಟ ಉದ್ಘಾಟಿಸಿ ಮಾತನಾಡಿದರು. ಗ್ರಾಮೀಣ ಪ್ರದೇಶದ ಕ್ರೀಡಾಪಟುಗಳಿಗೆ ಅಗತ್ಯ ಸೌಲಭ್ಯ ಕಲ್ಪಿಸಲಾಗುವುದು. ಕ್ರೀಡಾಂಗಣ ಅಭಿವೃದ್ಧಿಗೆ ಅನುದಾನ ನೀಡಲಾಗುವುದು. ಸೋಲು ಗೆಲುವನ್ನು ಸಮಾನವಾಗಿ ಸ್ವೀಕರಿಸಬೇಕು. ಕ್ರೀಡಾ ಮನೋಭಾವ ಬೆಳೆಸಿಕೊಳ್ಳಬೇಕು ಎಂದರು. ಕಾರ್ಯಕ್ರಮದಲ್ಲಿ ಕ್ಷೇತ್ರ ಶಿಕ್ಷಣಾಧಿಕಾರಿ, ದೈಹಿಕ ಶಿಕ್ಷಣ ಪರಿವೀಕ್ಷಕರು, ಶಿಕ್ಷಕರು ಹಾಗೂ ವಿದ್ಯಾರ್ಥಿಗಳು ಹಾಜರಿದ್ದರು.
